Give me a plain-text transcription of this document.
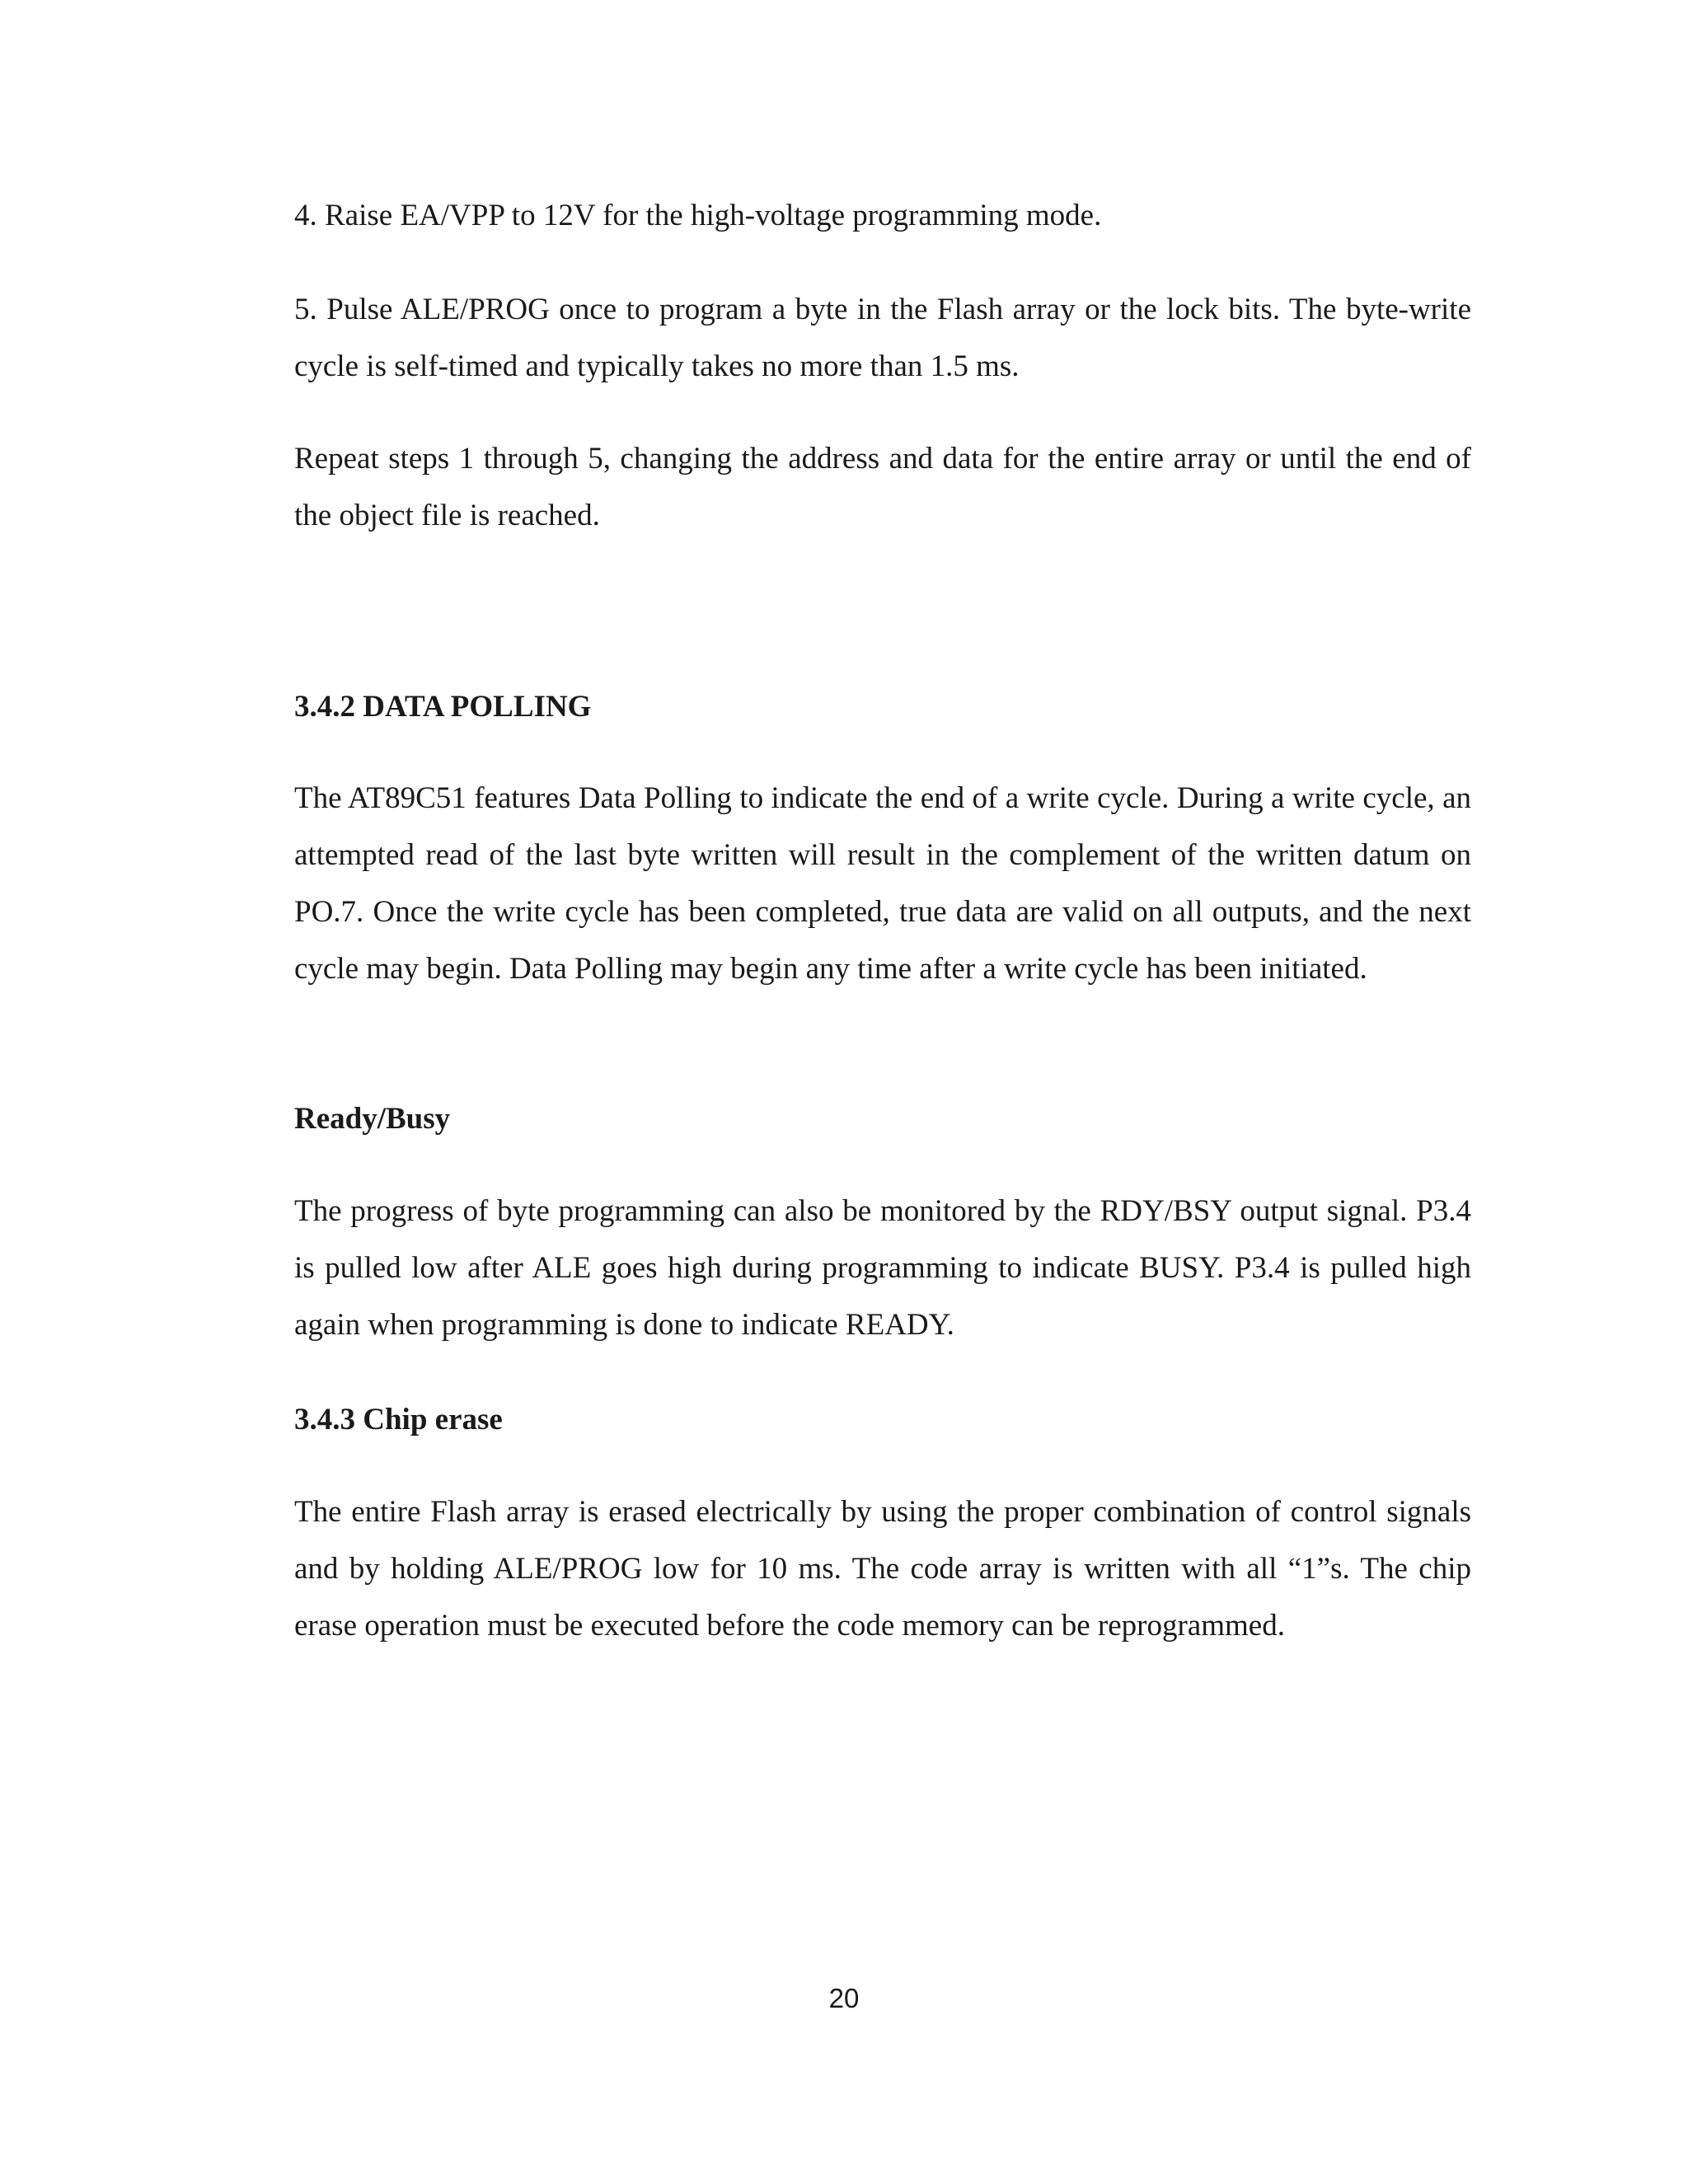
4. Raise EA/VPP to 12V for the high-voltage programming mode.

5. Pulse ALE/PROG once to program a byte in the Flash array or the lock bits. The byte-write cycle is self-timed and typically takes no more than 1.5 ms.

Repeat steps 1 through 5, changing the address and data for the entire array or until the end of the object file is reached.

3.4.2 DATA POLLING

The AT89C51 features Data Polling to indicate the end of a write cycle. During a write cycle, an attempted read of the last byte written will result in the complement of the written datum on PO.7. Once the write cycle has been completed, true data are valid on all outputs, and the next cycle may begin. Data Polling may begin any time after a write cycle has been initiated.

Ready/Busy

The progress of byte programming can also be monitored by the RDY/BSY output signal. P3.4 is pulled low after ALE goes high during programming to indicate BUSY. P3.4 is pulled high again when programming is done to indicate READY.

3.4.3 Chip erase

The entire Flash array is erased electrically by using the proper combination of control signals and by holding ALE/PROG low for 10 ms. The code array is written with all “1”s. The chip erase operation must be executed before the code memory can be reprogrammed.

20
